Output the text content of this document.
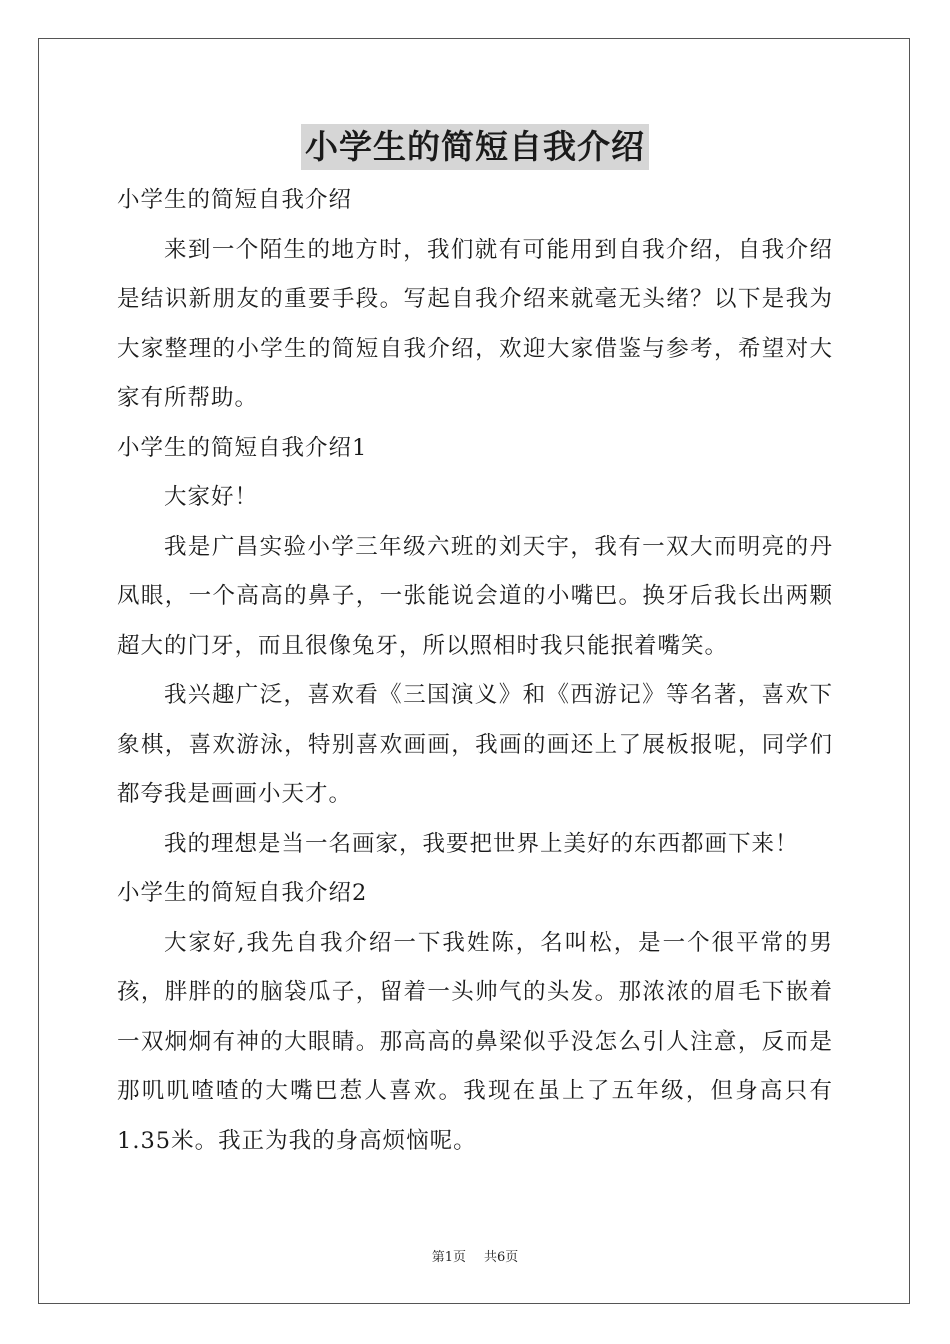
小学生的简短自我介绍

小学生的简短自我介绍

来到一个陌生的地方时，我们就有可能用到自我介绍，自我介绍是结识新朋友的重要手段。写起自我介绍来就毫无头绪？以下是我为大家整理的小学生的简短自我介绍，欢迎大家借鉴与参考，希望对大家有所帮助。

小学生的简短自我介绍1

大家好！

我是广昌实验小学三年级六班的刘天宇，我有一双大而明亮的丹凤眼，一个高高的鼻子，一张能说会道的小嘴巴。换牙后我长出两颗超大的门牙，而且很像兔牙，所以照相时我只能抿着嘴笑。

我兴趣广泛，喜欢看《三国演义》和《西游记》等名著，喜欢下象棋，喜欢游泳，特别喜欢画画，我画的画还上了展板报呢，同学们都夸我是画画小天才。

我的理想是当一名画家，我要把世界上美好的东西都画下来！

小学生的简短自我介绍2

大家好,我先自我介绍一下我姓陈，名叫松，是一个很平常的男孩，胖胖的的脑袋瓜子，留着一头帅气的头发。那浓浓的眉毛下嵌着一双炯炯有神的大眼睛。那高高的鼻梁似乎没怎么引人注意，反而是那叽叽喳喳的大嘴巴惹人喜欢。我现在虽上了五年级，但身高只有1.35米。我正为我的身高烦恼呢。

第1页 共6页
